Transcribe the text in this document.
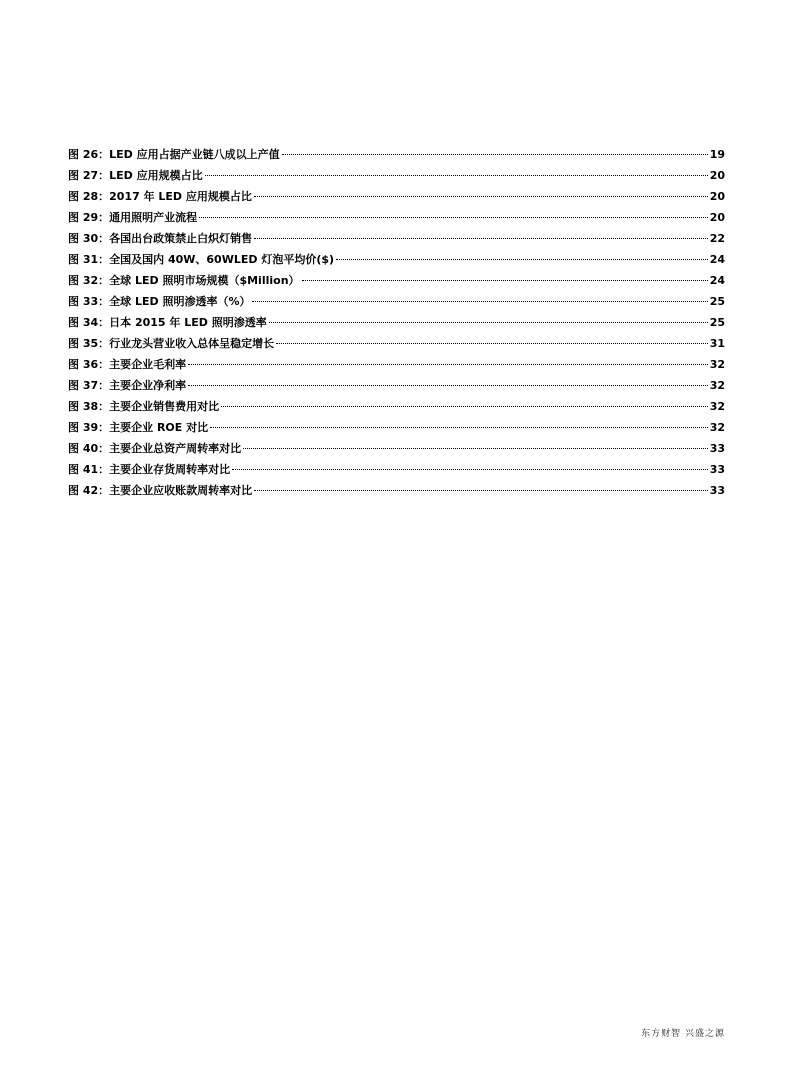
图 26：LED 应用占据产业链八成以上产值	19
图 27：LED 应用规模占比	20
图 28：2017 年 LED 应用规模占比	20
图 29：通用照明产业流程	20
图 30：各国出台政策禁止白炽灯销售	22
图 31：全国及国内 40W、60WLED 灯泡平均价($)	24
图 32：全球 LED 照明市场规模（$Million）	24
图 33：全球 LED 照明渗透率（%）	25
图 34：日本 2015 年 LED 照明渗透率	25
图 35：行业龙头营业收入总体呈稳定增长	31
图 36：主要企业毛利率	32
图 37：主要企业净利率	32
图 38：主要企业销售费用对比	32
图 39：主要企业 ROE 对比	32
图 40：主要企业总资产周转率对比	33
图 41：主要企业存货周转率对比	33
图 42：主要企业应收账款周转率对比	33
东方财智 兴盛之源
